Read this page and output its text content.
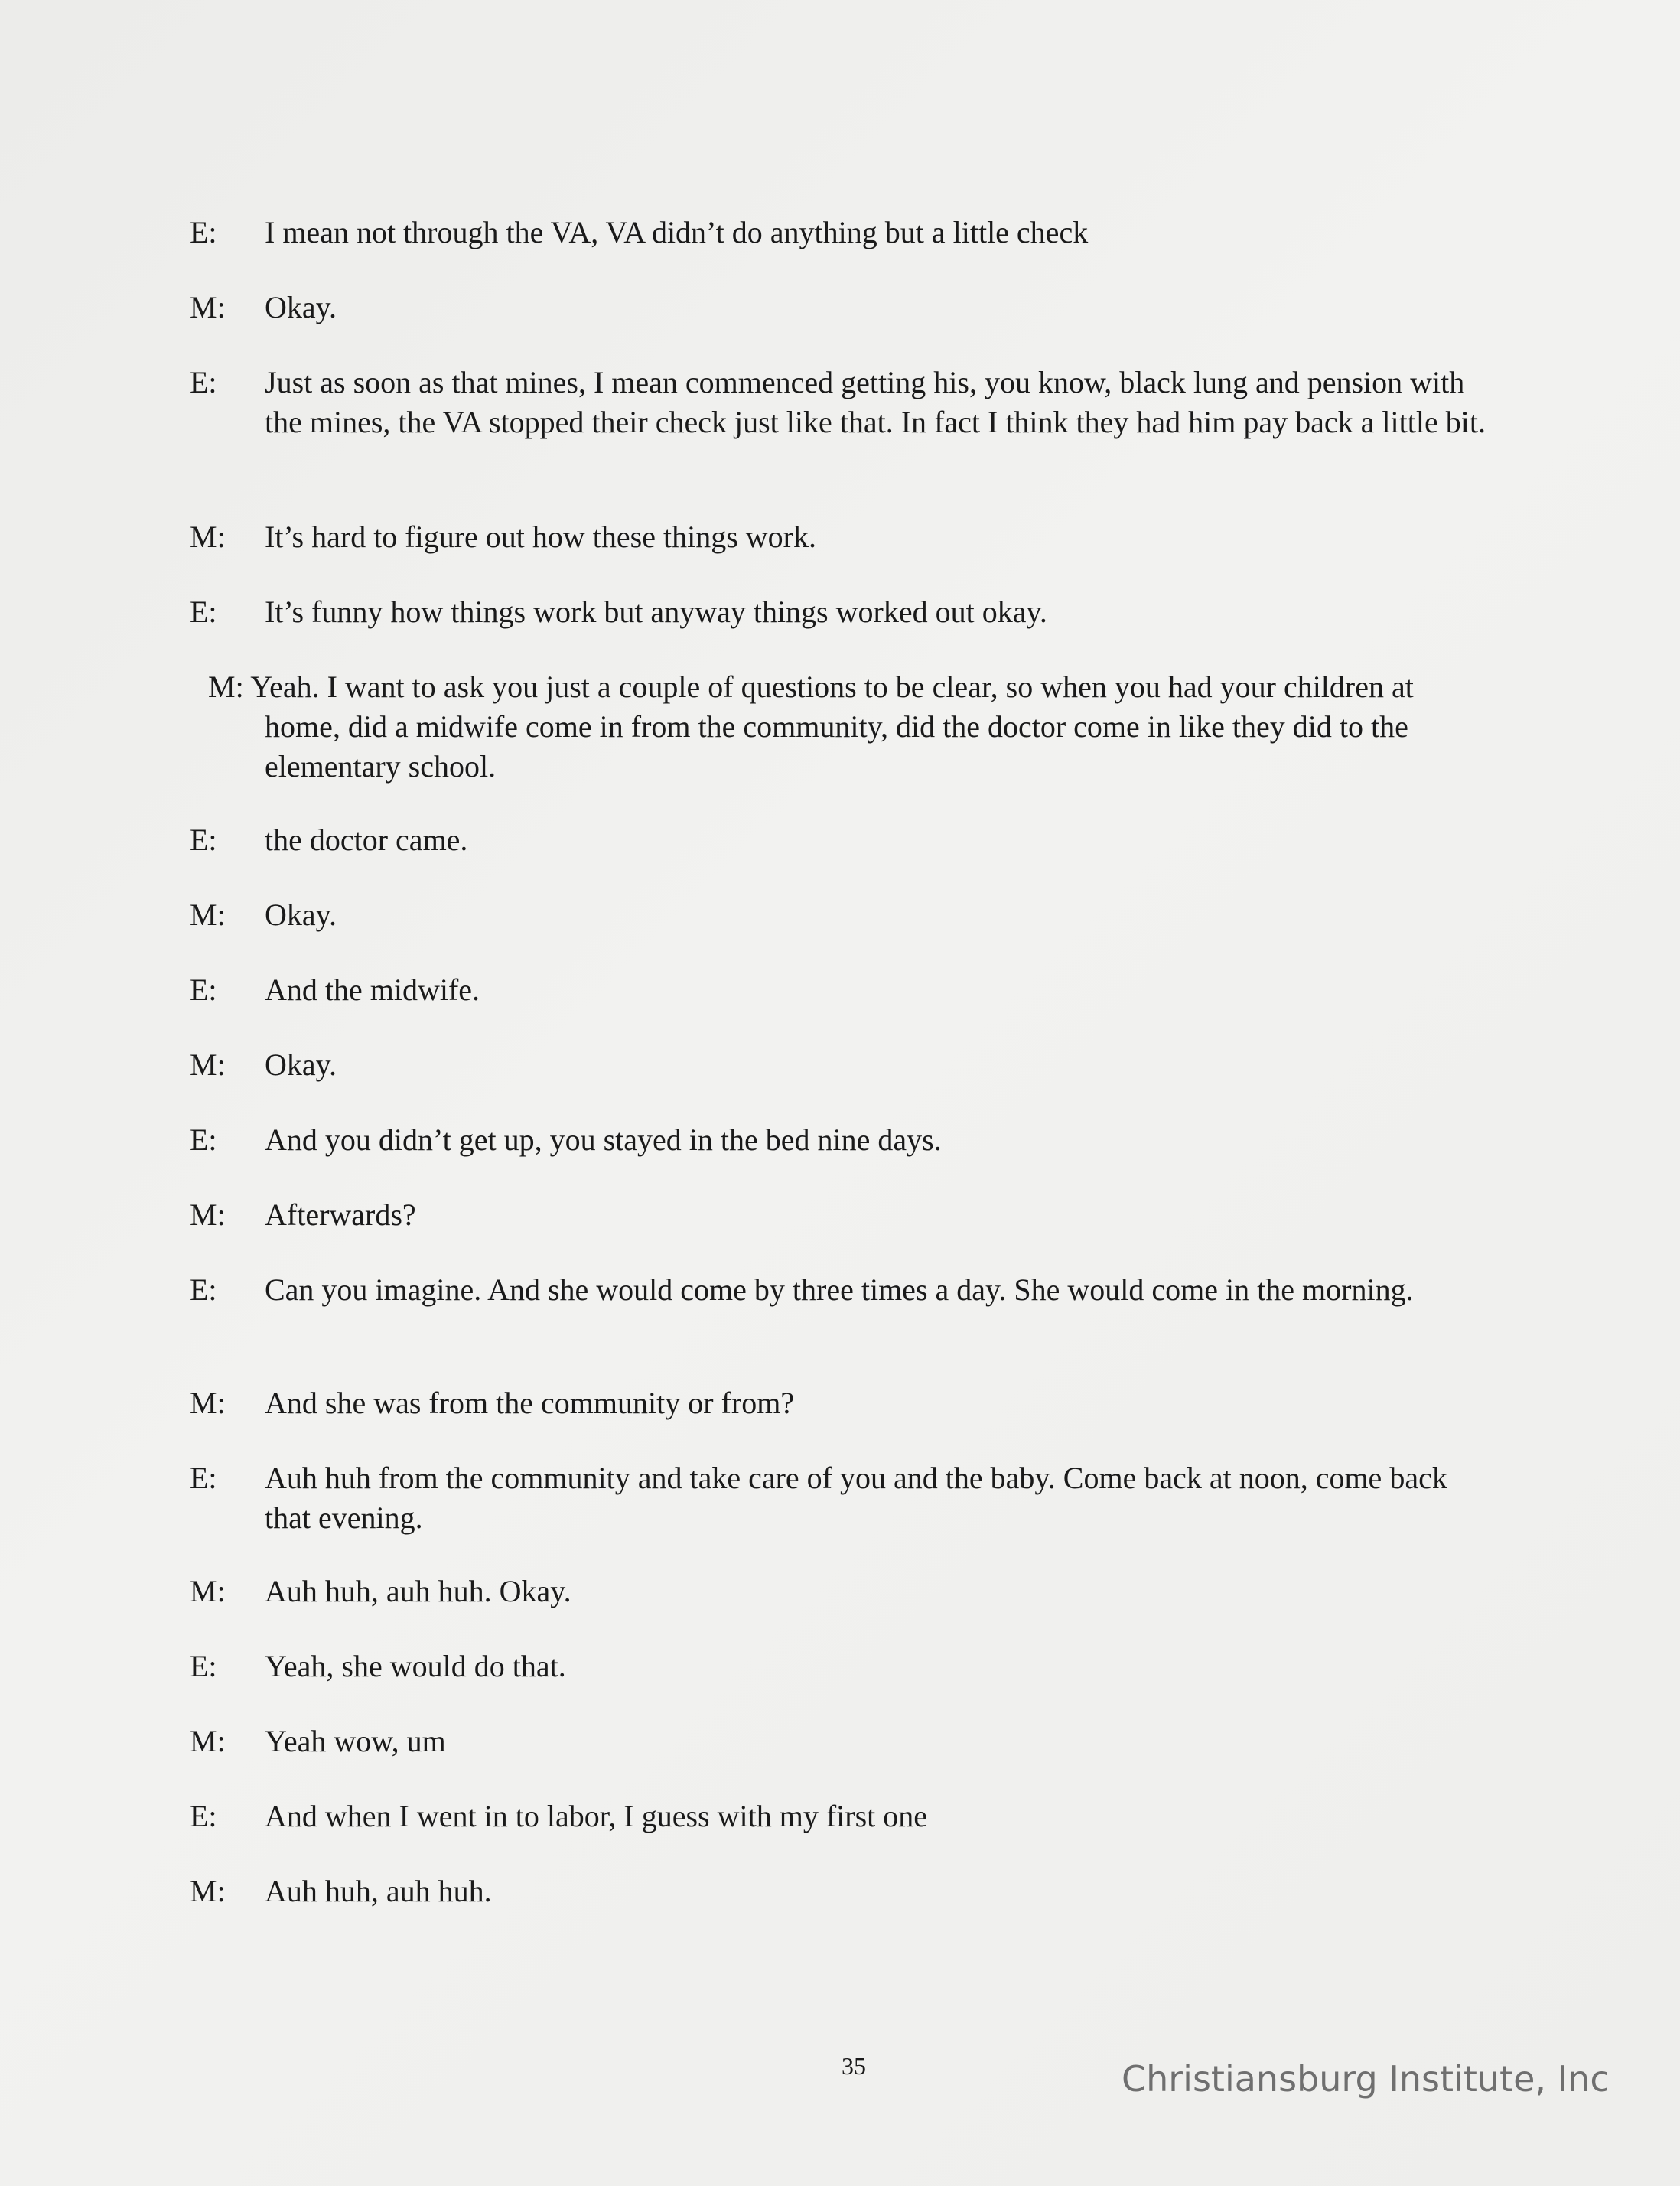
E:	I mean not through the VA, VA didn’t do anything but a little check
M:	Okay.
E:	Just as soon as that mines, I mean commenced getting his, you know, black lung and pension with the mines, the VA stopped their check just like that. In fact I think they had him pay back a little bit.
M:	It’s hard to figure out how these things work.
E:	It’s funny how things work but anyway things worked out okay.
M: Yeah. I want to ask you just a couple of questions to be clear, so when you had your children at home, did a midwife come in from the community, did the doctor come in like they did to the elementary school.
E:	the doctor came.
M:	Okay.
E:	And the midwife.
M:	Okay.
E:	And you didn’t get up, you stayed in the bed nine days.
M:	Afterwards?
E:	Can you imagine. And she would come by three times a day. She would come in the morning.
M:	And she was from the community or from?
E:	Auh huh from the community and take care of you and the baby. Come back at noon, come back that evening.
M:	Auh huh, auh huh. Okay.
E:	Yeah, she would do that.
M:	Yeah wow, um
E:	And when I went in to labor, I guess with my first one
M:	Auh huh, auh huh.
35	Christiansburg Institute, Inc
